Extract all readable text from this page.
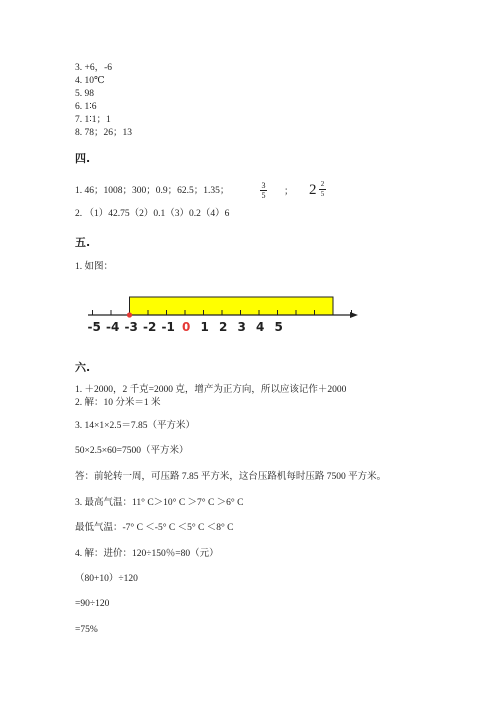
3. +6，-6
4. 10℃
5. 98
6. 1∶6
7. 1∶1；1
8. 78；26；13
四.
1. 46；1008；300；0.9；62.5；1.35；
3
5 ； 2 2
5
2. （1）42.75（2）0.1（3）0.2（4）6
五.
1. 如图：
-5 -4 -3 -2 -1 0 1 2 3 4 5
六.
1. ＋2000，2 千克=2000 克，增产为正方向，所以应该记作＋2000
2. 解：10 分米＝1 米
3. 14×1×2.5＝7.85（平方米）
50×2.5×60=7500（平方米）
答：前轮转一周，可压路 7.85 平方米，这台压路机每时压路 7500 平方米。
3. 最高气温：11° C＞10° C ＞7° C ＞6° C
最低气温：-7° C ＜-5° C ＜5° C ＜8° C
4. 解：进价：120÷150％=80（元）
（80+10）÷120
=90÷120
=75%
